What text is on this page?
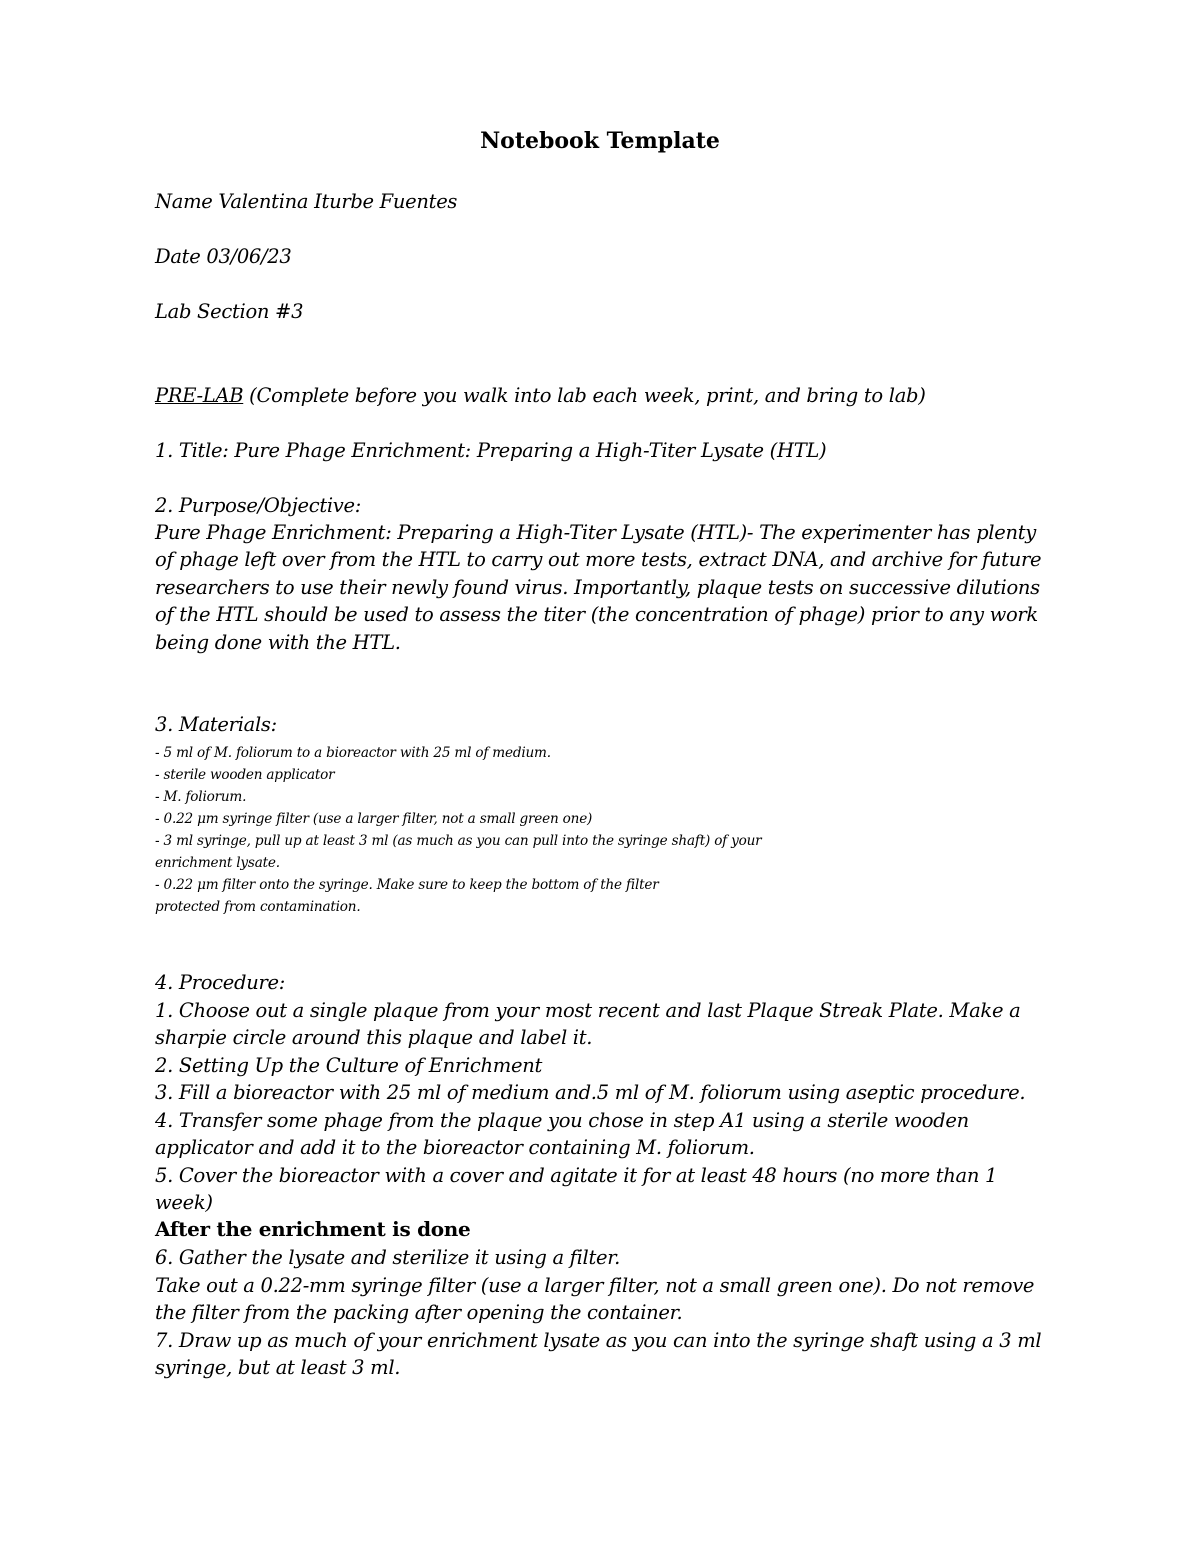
Notebook Template
Name Valentina Iturbe Fuentes
Date 03/06/23
Lab Section #3
PRE-LAB (Complete before you walk into lab each week, print, and bring to lab)
1. Title: Pure Phage Enrichment: Preparing a High-Titer Lysate (HTL)
2. Purpose/Objective:
Pure Phage Enrichment: Preparing a High-Titer Lysate (HTL)- The experimenter has plenty
of phage left over from the HTL to carry out more tests, extract DNA, and archive for future
researchers to use their newly found virus. Importantly, plaque tests on successive dilutions
of the HTL should be used to assess the titer (the concentration of phage) prior to any work
being done with the HTL.
3. Materials:
- 5 ml of M. foliorum to a bioreactor with 25 ml of medium.
- sterile wooden applicator
- M. foliorum.
- 0.22 μm syringe filter (use a larger filter, not a small green one)
- 3 ml syringe, pull up at least 3 ml (as much as you can pull into the syringe shaft) of your
enrichment lysate.
- 0.22 μm filter onto the syringe. Make sure to keep the bottom of the filter
protected from contamination.
4. Procedure:
1. Choose out a single plaque from your most recent and last Plaque Streak Plate. Make a
sharpie circle around this plaque and label it.
2. Setting Up the Culture of Enrichment
3. Fill a bioreactor with 25 ml of medium and.5 ml of M. foliorum using aseptic procedure.
4. Transfer some phage from the plaque you chose in step A1 using a sterile wooden
applicator and add it to the bioreactor containing M. foliorum.
5. Cover the bioreactor with a cover and agitate it for at least 48 hours (no more than 1
week)
After the enrichment is done
6. Gather the lysate and sterilize it using a filter.
Take out a 0.22-mm syringe filter (use a larger filter, not a small green one). Do not remove
the filter from the packing after opening the container.
7. Draw up as much of your enrichment lysate as you can into the syringe shaft using a 3 ml
syringe, but at least 3 ml.
